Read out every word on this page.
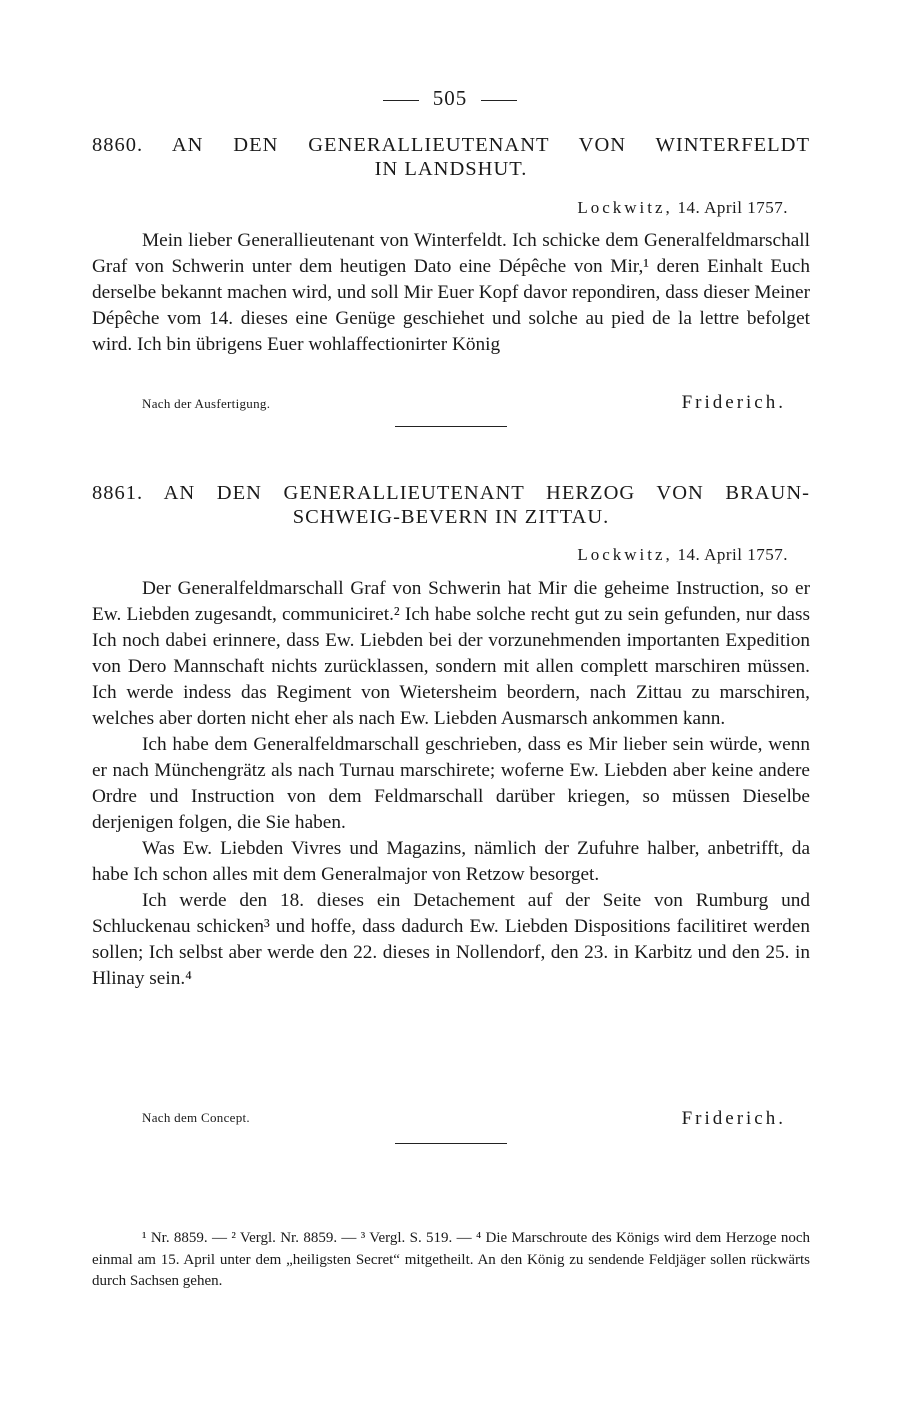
505
8860. AN DEN GENERALLIEUTENANT VON WINTERFELDT
IN LANDSHUT.
Lockwitz, 14. April 1757.

Mein lieber Generallieutenant von Winterfeldt. Ich schicke dem Generalfeldmarschall Graf von Schwerin unter dem heutigen Dato eine Dépêche von Mir,¹ deren Einhalt Euch derselbe bekannt machen wird, und soll Mir Euer Kopf davor repondiren, dass dieser Meiner Dépêche vom 14. dieses eine Genüge geschiehet und solche au pied de la lettre befolget wird. Ich bin übrigens Euer wohlaffectionirter König

Nach der Ausfertigung.	Friderich.
8861. AN DEN GENERALLIEUTENANT HERZOG VON BRAUN-
SCHWEIG-BEVERN IN ZITTAU.
Lockwitz, 14. April 1757.

Der Generalfeldmarschall Graf von Schwerin hat Mir die geheime Instruction, so er Ew. Liebden zugesandt, communiciret.² Ich habe solche recht gut zu sein gefunden, nur dass Ich noch dabei erinnere, dass Ew. Liebden bei der vorzunehmenden importanten Expedition von Dero Mannschaft nichts zurücklassen, sondern mit allen complett marschiren müssen. Ich werde indess das Regiment von Wietersheim beordern, nach Zittau zu marschiren, welches aber dorten nicht eher als nach Ew. Liebden Ausmarsch ankommen kann.

Ich habe dem Generalfeldmarschall geschrieben, dass es Mir lieber sein würde, wenn er nach Münchengrätz als nach Turnau marschirete; woferne Ew. Liebden aber keine andere Ordre und Instruction von dem Feldmarschall darüber kriegen, so müssen Dieselbe derjenigen folgen, die Sie haben.

Was Ew. Liebden Vivres und Magazins, nämlich der Zufuhre halber, anbetrifft, da habe Ich schon alles mit dem Generalmajor von Retzow besorget.

Ich werde den 18. dieses ein Detachement auf der Seite von Rumburg und Schluckenau schicken³ und hoffe, dass dadurch Ew. Liebden Dispositions facilitiret werden sollen; Ich selbst aber werde den 22. dieses in Nollendorf, den 23. in Karbitz und den 25. in Hlinay sein.⁴

Nach dem Concept.	Friderich.
¹ Nr. 8859. — ² Vergl. Nr. 8859. — ³ Vergl. S. 519. — ⁴ Die Marschroute des Königs wird dem Herzoge noch einmal am 15. April unter dem „heiligsten Secret“ mitgetheilt. An den König zu sendende Feldjäger sollen rückwärts durch Sachsen gehen.
